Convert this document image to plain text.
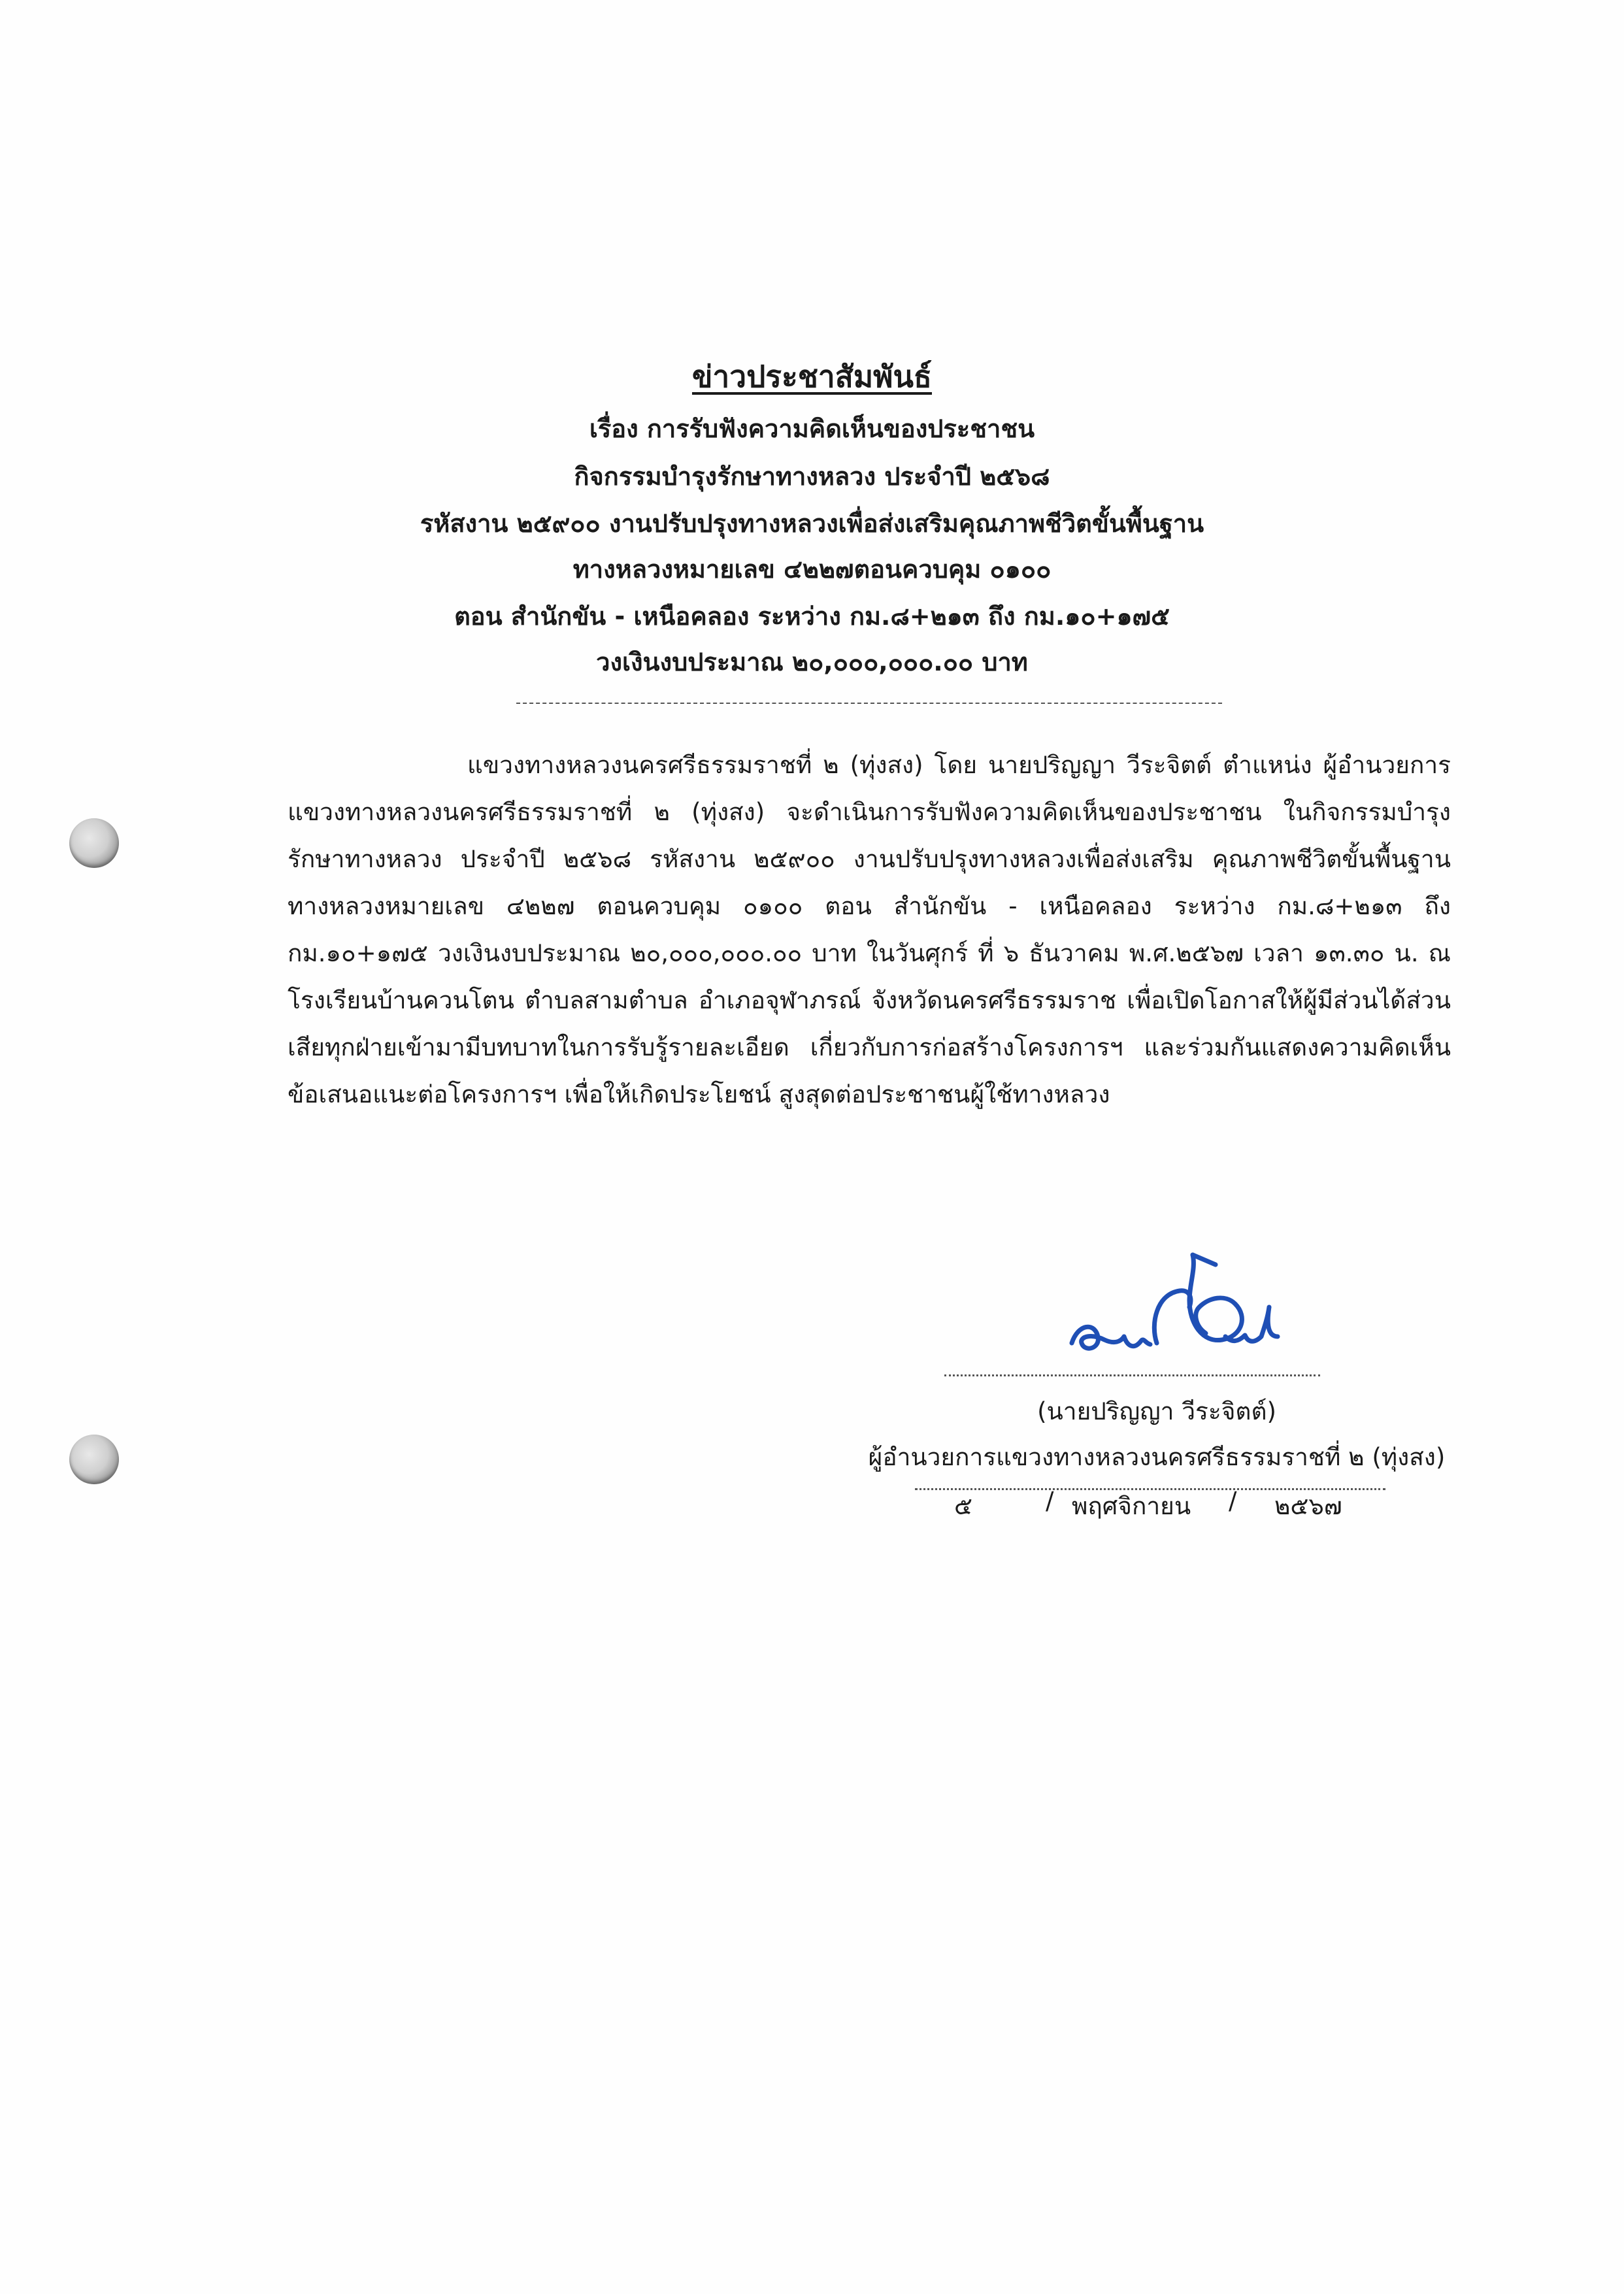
ข่าวประชาสัมพันธ์
เรื่อง การรับฟังความคิดเห็นของประชาชน
กิจกรรมบำรุงรักษาทางหลวง ประจำปี ๒๕๖๘
รหัสงาน ๒๕๙๐๐ งานปรับปรุงทางหลวงเพื่อส่งเสริมคุณภาพชีวิตขั้นพื้นฐาน
ทางหลวงหมายเลข ๔๒๒๗ตอนควบคุม ๐๑๐๐
ตอน สำนักขัน - เหนือคลอง ระหว่าง กม.๘+๒๑๓ ถึง กม.๑๐+๑๗๕
วงเงินงบประมาณ ๒๐,๐๐๐,๐๐๐.๐๐ บาท
แขวงทางหลวงนครศรีธรรมราชที่ ๒ (ทุ่งสง) โดย นายปริญญา วีระจิตต์ ตำแหน่ง ผู้อำนวยการแขวงทางหลวงนครศรีธรรมราชที่ ๒ (ทุ่งสง) จะดำเนินการรับฟังความคิดเห็นของประชาชน ในกิจกรรมบำรุงรักษาทางหลวง ประจำปี ๒๕๖๘ รหัสงาน ๒๕๙๐๐ งานปรับปรุงทางหลวงเพื่อส่งเสริม คุณภาพชีวิตขั้นพื้นฐาน ทางหลวงหมายเลข ๔๒๒๗ ตอนควบคุม ๐๑๐๐ ตอน สำนักขัน - เหนือคลอง ระหว่าง กม.๘+๒๑๓ ถึง กม.๑๐+๑๗๕ วงเงินงบประมาณ ๒๐,๐๐๐,๐๐๐.๐๐ บาท ในวันศุกร์ ที่ ๖ ธันวาคม พ.ศ.๒๕๖๗ เวลา ๑๓.๓๐ น. ณ โรงเรียนบ้านควนโตน ตำบลสามตำบล อำเภอจุฬาภรณ์ จังหวัดนครศรีธรรมราช เพื่อเปิดโอกาสให้ผู้มีส่วนได้ส่วนเสียทุกฝ่ายเข้ามามีบทบาทในการรับรู้รายละเอียด เกี่ยวกับการก่อสร้างโครงการฯ และร่วมกันแสดงความคิดเห็น ข้อเสนอแนะต่อโครงการฯ เพื่อให้เกิดประโยชน์ สูงสุดต่อประชาชนผู้ใช้ทางหลวง
(นายปริญญา วีระจิตต์)
ผู้อำนวยการแขวงทางหลวงนครศรีธรรมราชที่ ๒ (ทุ่งสง)
๕	/ พฤศจิกายน / ๒๕๖๗
